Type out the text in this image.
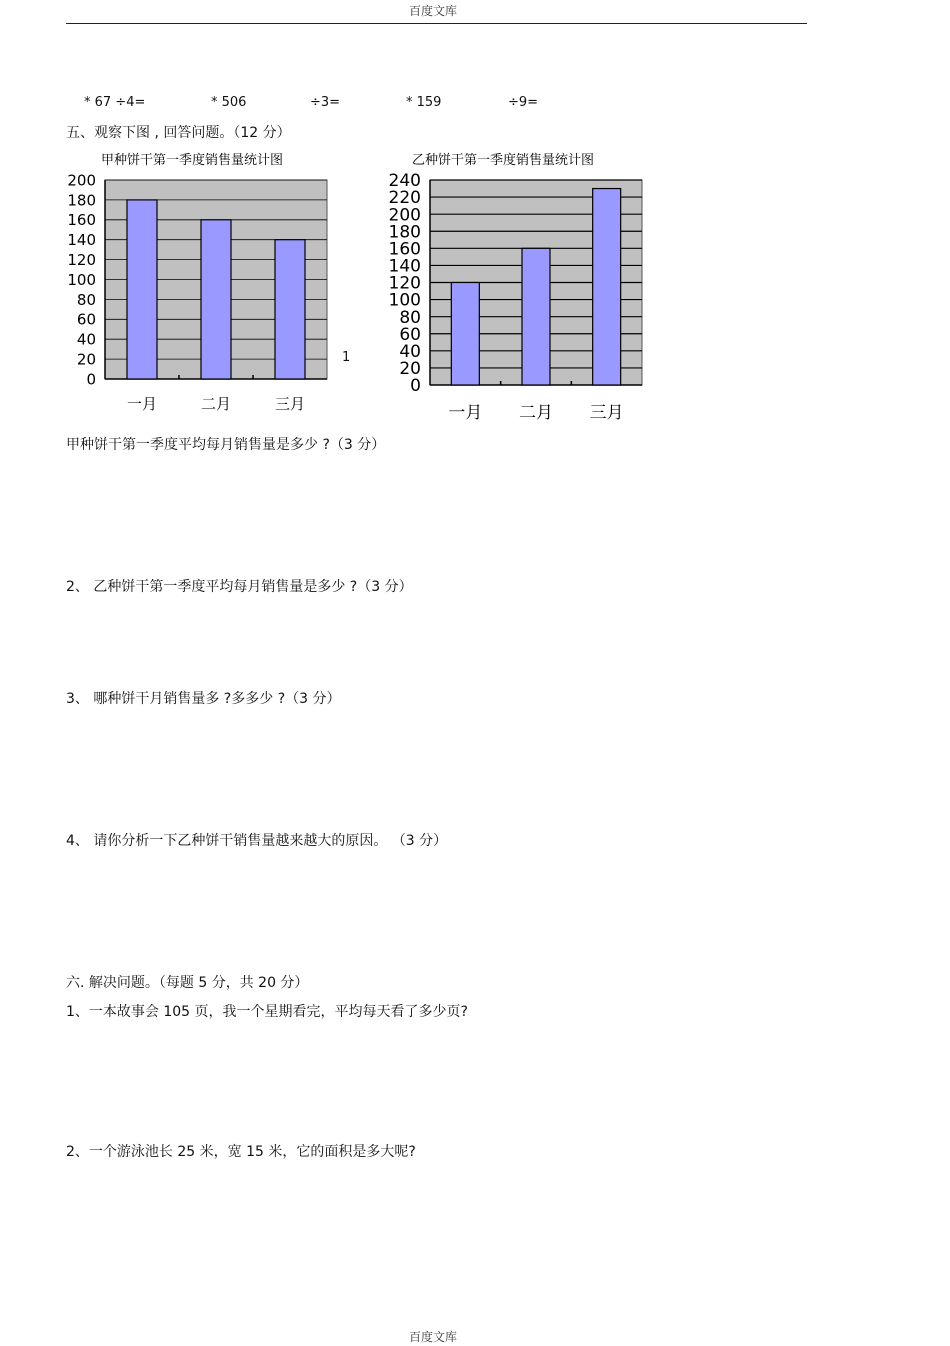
百度文库
* 67 ÷4=	* 506	÷3=	* 159	÷9=
五、观察下图 , 回答问题。（12 分）
甲种饼干第一季度销售量统计图
0
20
40
60
80
100
120
140
160
180
200
一月	二月	三月
1
乙种饼干第一季度销售量统计图
0
20
40
60
80
100
120
140
160
180
200
220
240
一月 二月 三月
甲种饼干第一季度平均每月销售量是多少 ?（3 分）
2、 乙种饼干第一季度平均每月销售量是多少 ?（3 分）
3、 哪种饼干月销售量多 ?多多少 ?（3 分）
4、 请你分析一下乙种饼干销售量越来越大的原因。 （3 分）
六. 解决问题。（每题 5 分，共 20 分）
1、一本故事会 105 页，我一个星期看完，平均每天看了多少页?
2、一个游泳池长 25 米，宽 15 米，它的面积是多大呢?
百度文库
